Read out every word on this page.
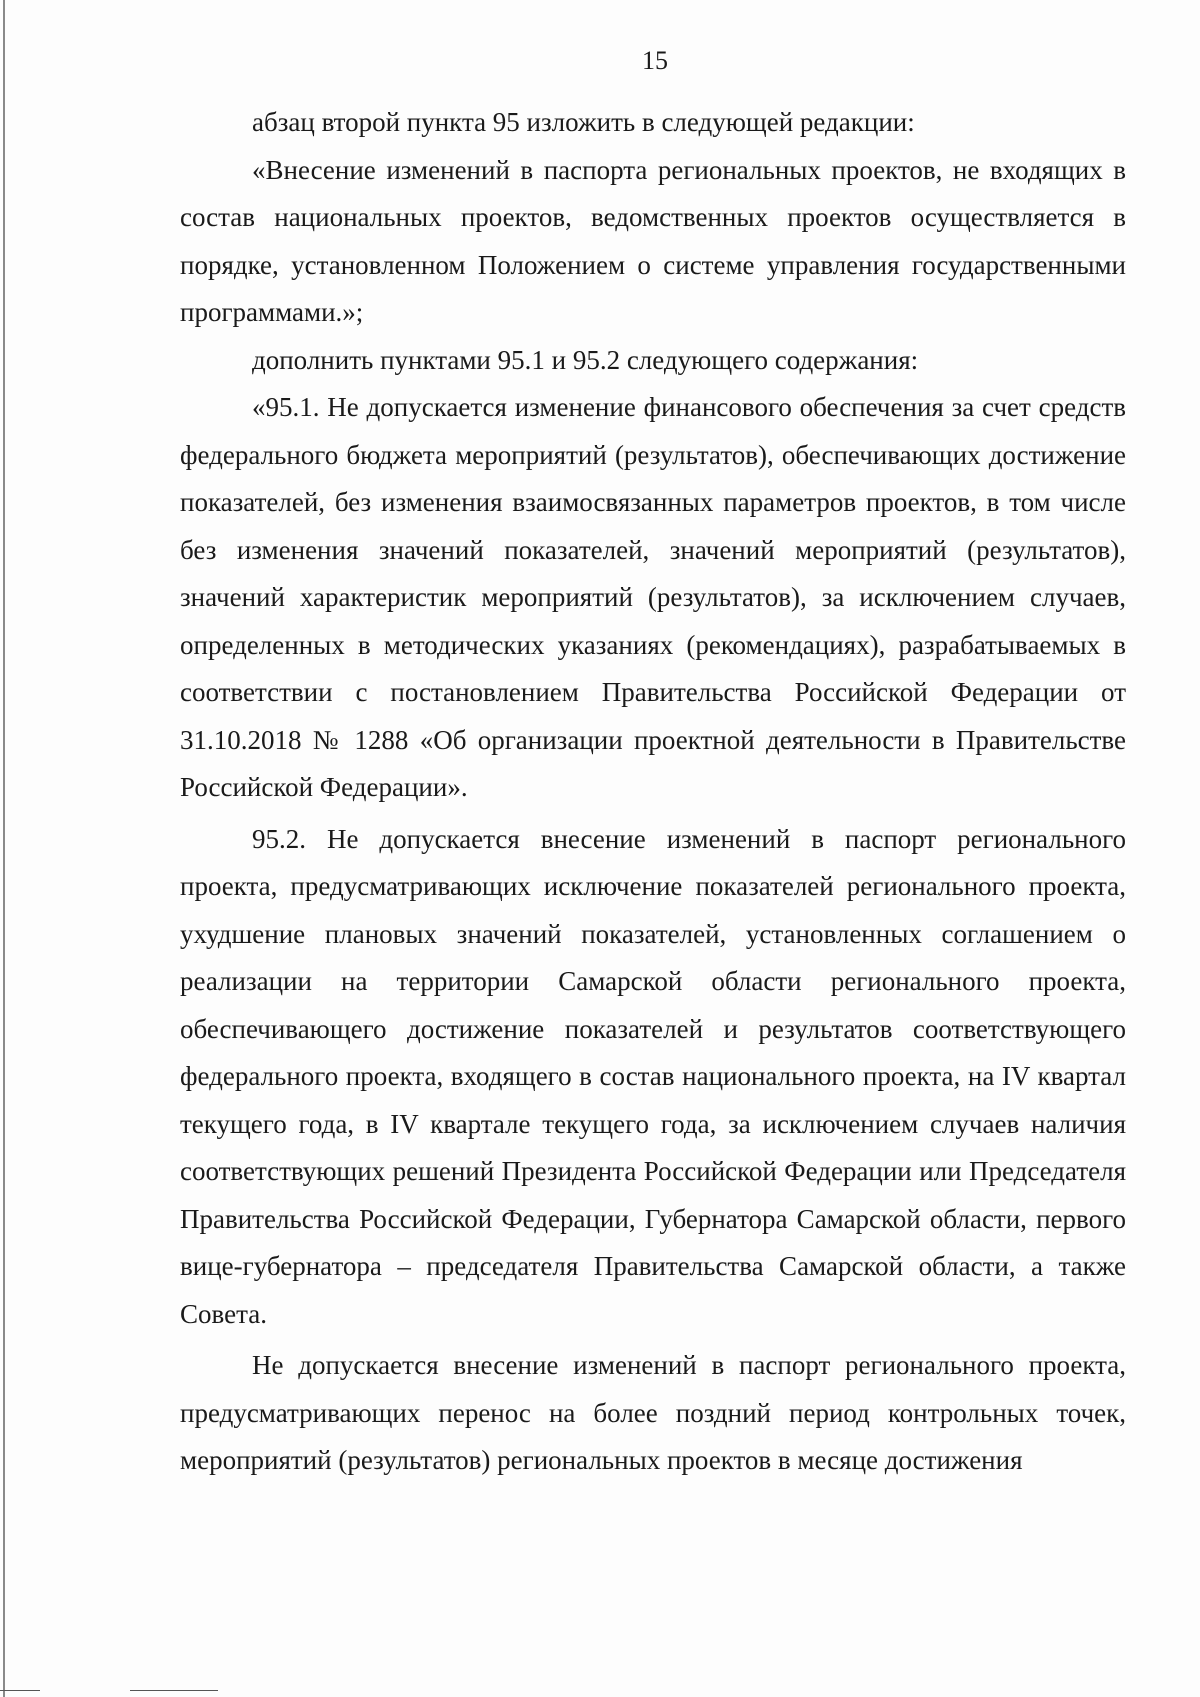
15

абзац второй пункта 95 изложить в следующей редакции:

«Внесение изменений в паспорта региональных проектов, не входящих в состав национальных проектов, ведомственных проектов осуществляется в порядке, установленном Положением о системе управления государственными программами.»;

дополнить пунктами 95.1 и 95.2 следующего содержания:

«95.1. Не допускается изменение финансового обеспечения за счет средств федерального бюджета мероприятий (результатов), обеспечивающих достижение показателей, без изменения взаимосвязанных параметров проектов, в том числе без изменения значений показателей, значений мероприятий (результатов), значений характеристик мероприятий (результатов), за исключением случаев, определенных в методических указаниях (рекомендациях), разрабатываемых в соответствии с постановлением Правительства Российской Федерации от 31.10.2018 № 1288 «Об организации проектной деятельности в Правительстве Российской Федерации».

95.2. Не допускается внесение изменений в паспорт регионального проекта, предусматривающих исключение показателей регионального проекта, ухудшение плановых значений показателей, установленных соглашением о реализации на территории Самарской области регионального проекта, обеспечивающего достижение показателей и результатов соответствующего федерального проекта, входящего в состав национального проекта, на IV квартал текущего года, в IV квартале текущего года, за исключением случаев наличия соответствующих решений Президента Российской Федерации или Председателя Правительства Российской Федерации, Губернатора Самарской области, первого вице-губернатора – председателя Правительства Самарской области, а также Совета.

Не допускается внесение изменений в паспорт регионального проекта, предусматривающих перенос на более поздний период контрольных точек, мероприятий (результатов) региональных проектов в месяце достижения
